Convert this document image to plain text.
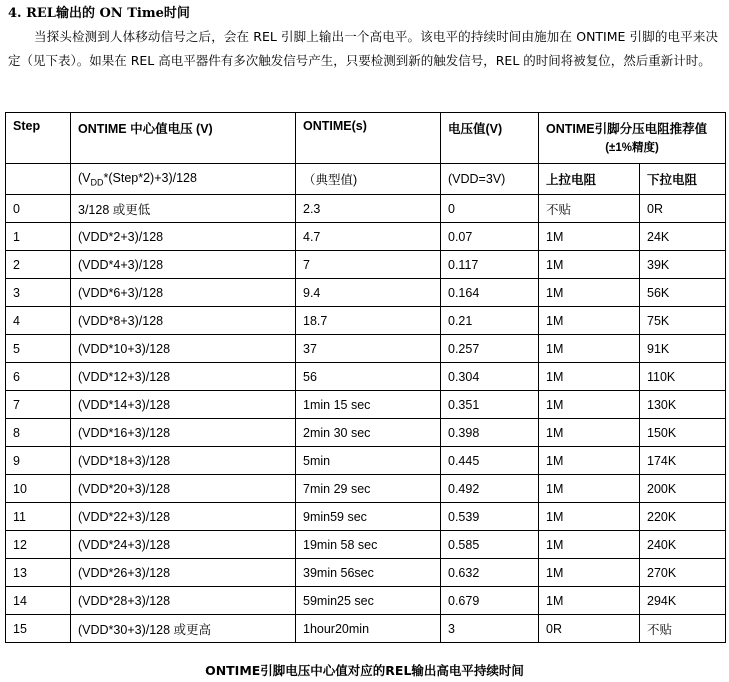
4. REL输出的 ON Time时间

当探头检测到人体移动信号之后，会在 REL 引脚上输出一个高电平。该电平的持续时间由施加在 ONTIME 引脚的电平来决定（见下表）。如果在 REL 高电平器件有多次触发信号产生，只要检测到新的触发信号，REL 的时间将被复位，然后重新计时。

Step	ONTIME 中心值电压 (V)	ONTIME(s)	电压值(V)	ONTIME引脚分压电阻推荐值
(±1%精度)	

	$(V_{DD}*(Step*2)+3)/128$	（典型值)	(VDD=3V)	上拉电阻	下拉电阻
0	3/128 或更低	2.3	0	不贴	0R
1	(VDD*2+3)/128	4.7	0.07	1M	24K
2	(VDD*4+3)/128	7	0.117	1M	39K
3	(VDD*6+3)/128	9.4	0.164	1M	56K
4	(VDD*8+3)/128	18.7	0.21	1M	75K
5	(VDD*10+3)/128	37	0.257	1M	91K
6	(VDD*12+3)/128	56	0.304	1M	110K
7	(VDD*14+3)/128	1min 15 sec	0.351	1M	130K
8	(VDD*16+3)/128	2min 30 sec	0.398	1M	150K
9	(VDD*18+3)/128	5min	0.445	1M	174K
10	(VDD*20+3)/128	7min 29 sec	0.492	1M	200K
11	(VDD*22+3)/128	9min59 sec	0.539	1M	220K
12	(VDD*24+3)/128	19min 58 sec	0.585	1M	240K
13	(VDD*26+3)/128	39min 56sec	0.632	1M	270K
14	(VDD*28+3)/128	59min25 sec	0.679	1M	294K
15	(VDD*30+3)/128 或更高	1hour20min	3	0R	不贴
ONTIME引脚电压中心值对应的REL输出高电平持续时间
